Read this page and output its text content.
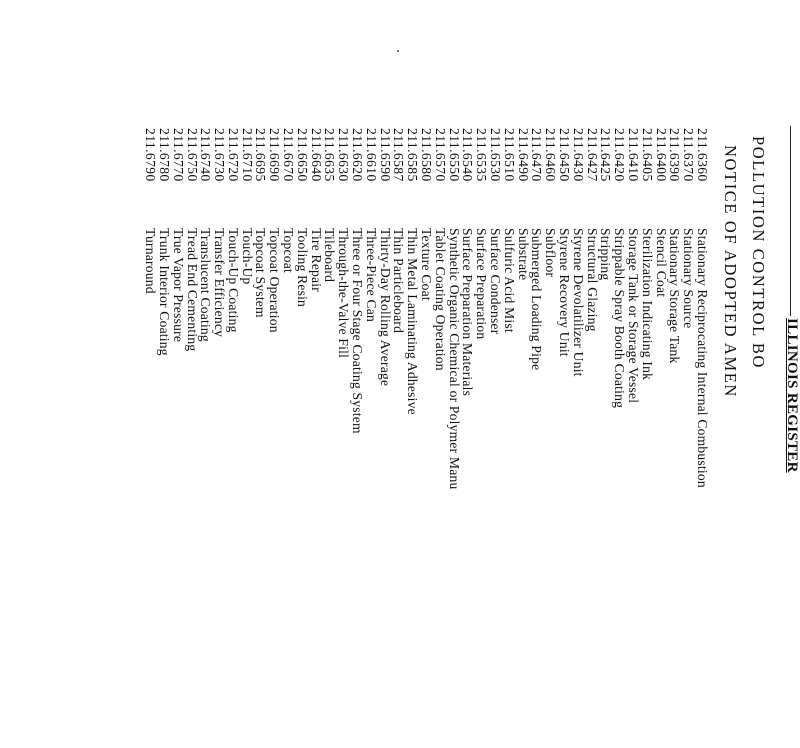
ILLINOIS REGISTER
POLLUTION CONTROL BO
NOTICE OF ADOPTED AMEN
211.6360
Stationary Reciprocating Internal Combustion
211.6370
Stationary Source
211.6390
Stationary Storage Tank
211.6400
Stencil Coat
211.6405
Sterilization Indicating Ink
211.6410
Storage Tank or Storage Vessel
211.6420
Strippable Spray Booth Coating
211.6425
Stripping
211.6427
Structural Glazing
211.6430
Styrene Devolatilizer Unit
211.6450
Styrene Recovery Unit
211.6460
Subfloor
211.6470
Submerged Loading Pipe
211.6490
Substrate
211.6510
Sulfuric Acid Mist
211.6530
Surface Condenser
211.6535
Surface Preparation
211.6540
Surface Preparation Materials
211.6550
Synthetic Organic Chemical or Polymer Manu
211.6570
Tablet Coating Operation
211.6580
Texture Coat
211.6585
Thin Metal Laminating Adhesive
211.6587
Thin Particleboard
211.6590
Thirty-Day Rolling Average
211.6610
Three-Piece Can
211.6620
Three or Four Stage Coating System
211.6630
Through-the-Valve Fill
211.6635
Tileboard
211.6640
Tire Repair
211.6650
Tooling Resin
211.6670
Topcoat
211.6690
Topcoat Operation
211.6695
Topcoat System
211.6710
Touch-Up
211.6720
Touch-Up Coating
211.6730
Transfer Efficiency
211.6740
Translucent Coating
211.6750
Tread End Cementing
211.6770
True Vapor Pressure
211.6780
Trunk Interior Coating
211.6790
Turnaround
